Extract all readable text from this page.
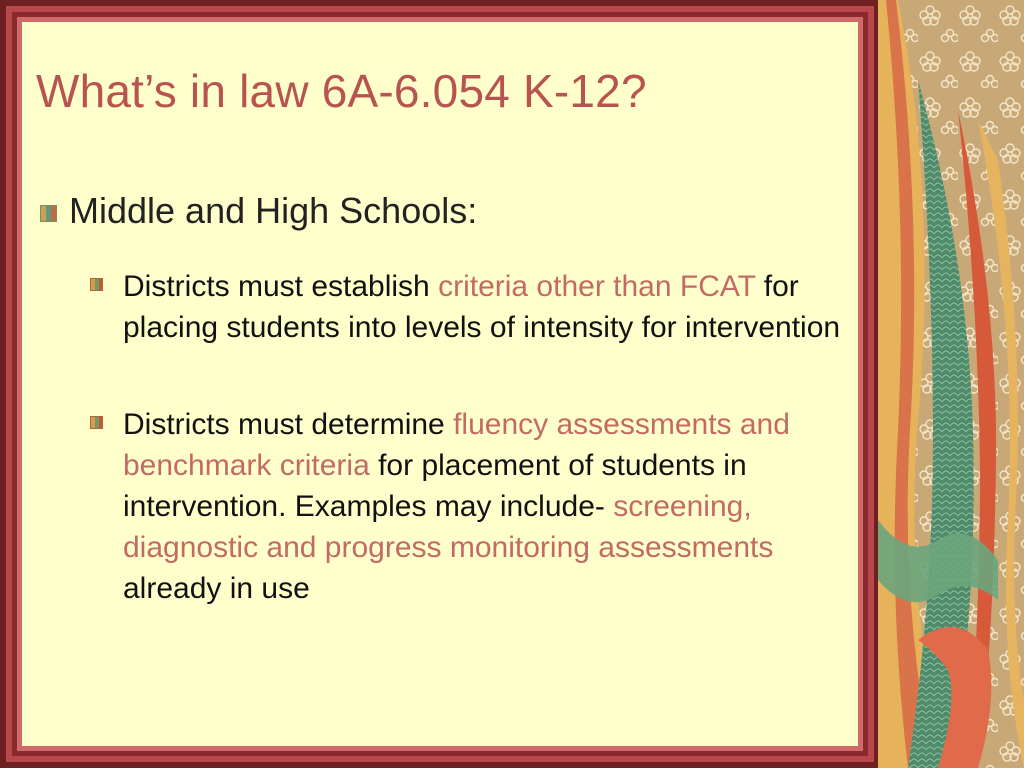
What’s in law 6A-6.054 K-12?
Middle and High Schools:
Districts must establish criteria other than FCAT for placing students into levels of intensity for intervention
Districts must determine fluency assessments and benchmark criteria for placement of students in intervention. Examples may include- screening, diagnostic and progress monitoring assessments already in use
